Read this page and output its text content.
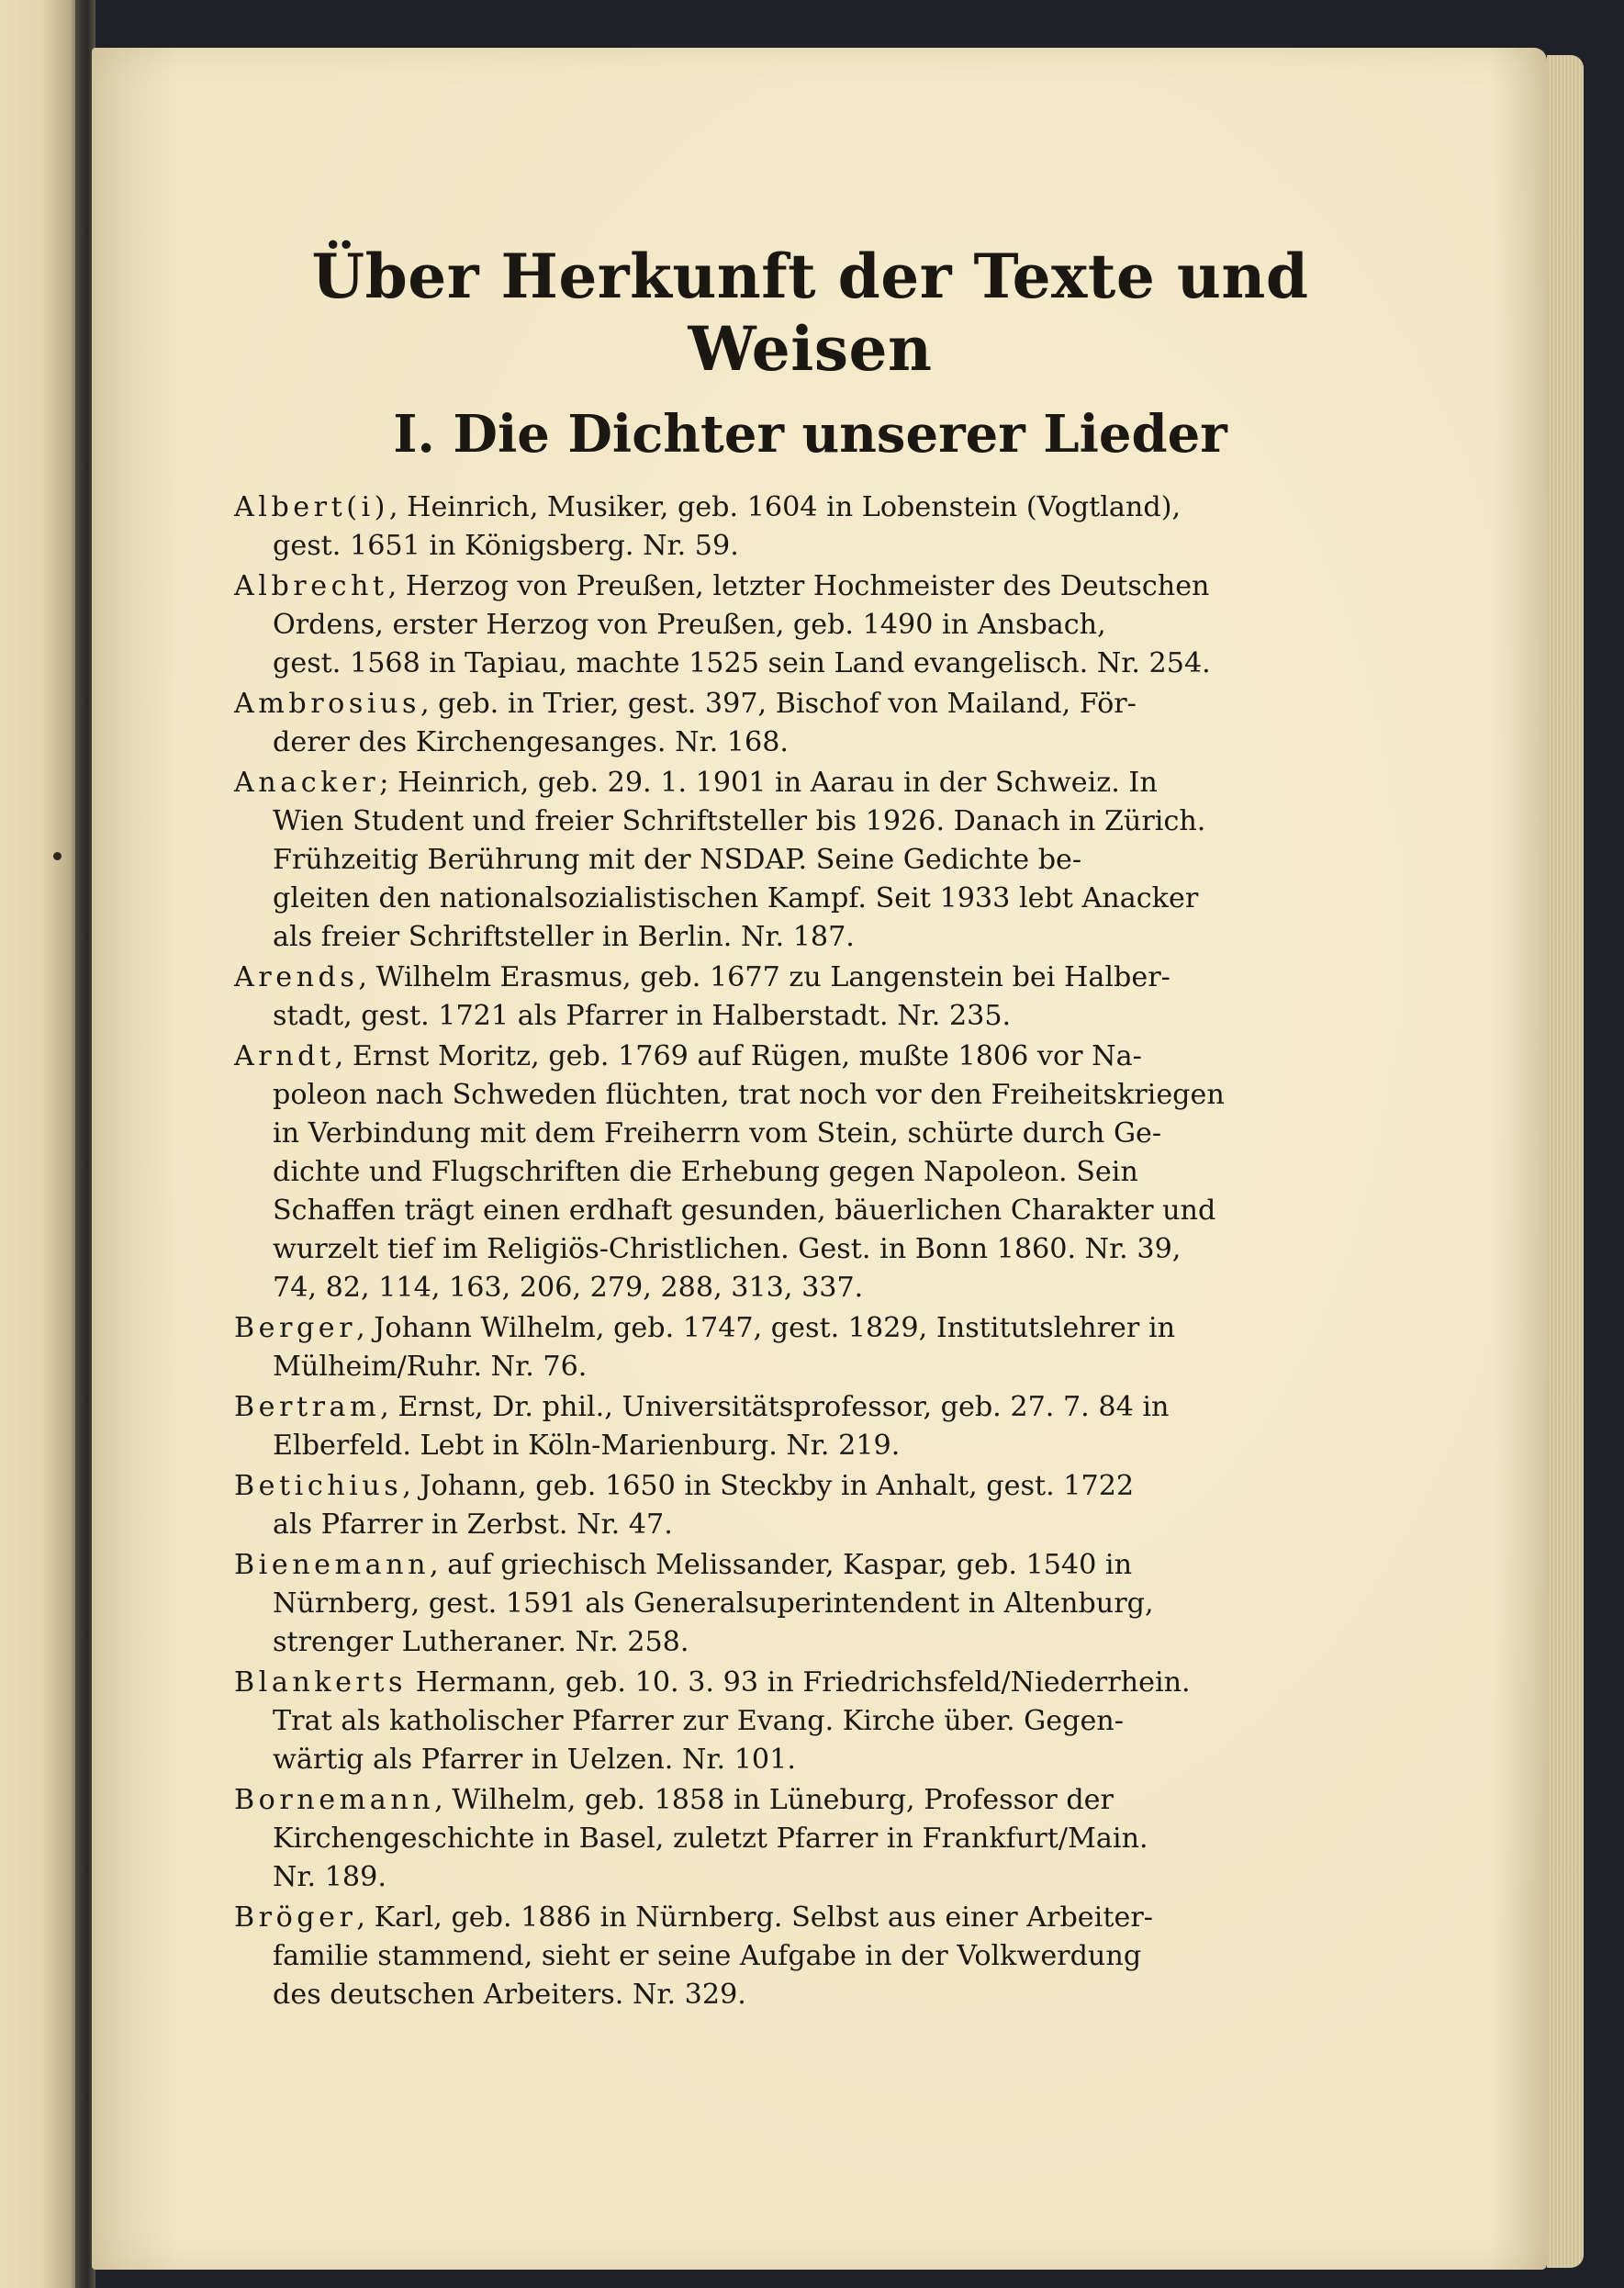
Über Herkunft der Texte und Weisen
I. Die Dichter unserer Lieder
Albert(i), Heinrich, Musiker, geb. 1604 in Lobenstein (Vogtland),
gest. 1651 in Königsberg. Nr. 59.
Albrecht, Herzog von Preußen, letzter Hochmeister des Deutschen
Ordens, erster Herzog von Preußen, geb. 1490 in Ansbach,
gest. 1568 in Tapiau, machte 1525 sein Land evangelisch. Nr. 254.
Ambrosius, geb. in Trier, gest. 397, Bischof von Mailand, För-
derer des Kirchengesanges. Nr. 168.
Anacker; Heinrich, geb. 29. 1. 1901 in Aarau in der Schweiz. In
Wien Student und freier Schriftsteller bis 1926. Danach in Zürich.
Frühzeitig Berührung mit der NSDAP. Seine Gedichte be-
gleiten den nationalsozialistischen Kampf. Seit 1933 lebt Anacker
als freier Schriftsteller in Berlin. Nr. 187.
Arends, Wilhelm Erasmus, geb. 1677 zu Langenstein bei Halber-
stadt, gest. 1721 als Pfarrer in Halberstadt. Nr. 235.
Arndt, Ernst Moritz, geb. 1769 auf Rügen, mußte 1806 vor Na-
poleon nach Schweden flüchten, trat noch vor den Freiheitskriegen
in Verbindung mit dem Freiherrn vom Stein, schürte durch Ge-
dichte und Flugschriften die Erhebung gegen Napoleon. Sein
Schaffen trägt einen erdhaft gesunden, bäuerlichen Charakter und
wurzelt tief im Religiös-Christlichen. Gest. in Bonn 1860. Nr. 39,
74, 82, 114, 163, 206, 279, 288, 313, 337.
Berger, Johann Wilhelm, geb. 1747, gest. 1829, Institutslehrer in
Mülheim/Ruhr. Nr. 76.
Bertram, Ernst, Dr. phil., Universitätsprofessor, geb. 27. 7. 84 in
Elberfeld. Lebt in Köln-Marienburg. Nr. 219.
Betichius, Johann, geb. 1650 in Steckby in Anhalt, gest. 1722
als Pfarrer in Zerbst. Nr. 47.
Bienemann, auf griechisch Melissander, Kaspar, geb. 1540 in
Nürnberg, gest. 1591 als Generalsuperintendent in Altenburg,
strenger Lutheraner. Nr. 258.
Blankerts Hermann, geb. 10. 3. 93 in Friedrichsfeld/Niederrhein.
Trat als katholischer Pfarrer zur Evang. Kirche über. Gegen-
wärtig als Pfarrer in Uelzen. Nr. 101.
Bornemann, Wilhelm, geb. 1858 in Lüneburg, Professor der
Kirchengeschichte in Basel, zuletzt Pfarrer in Frankfurt/Main.
Nr. 189.
Bröger, Karl, geb. 1886 in Nürnberg. Selbst aus einer Arbeiter-
familie stammend, sieht er seine Aufgabe in der Volkwerdung
des deutschen Arbeiters. Nr. 329.
